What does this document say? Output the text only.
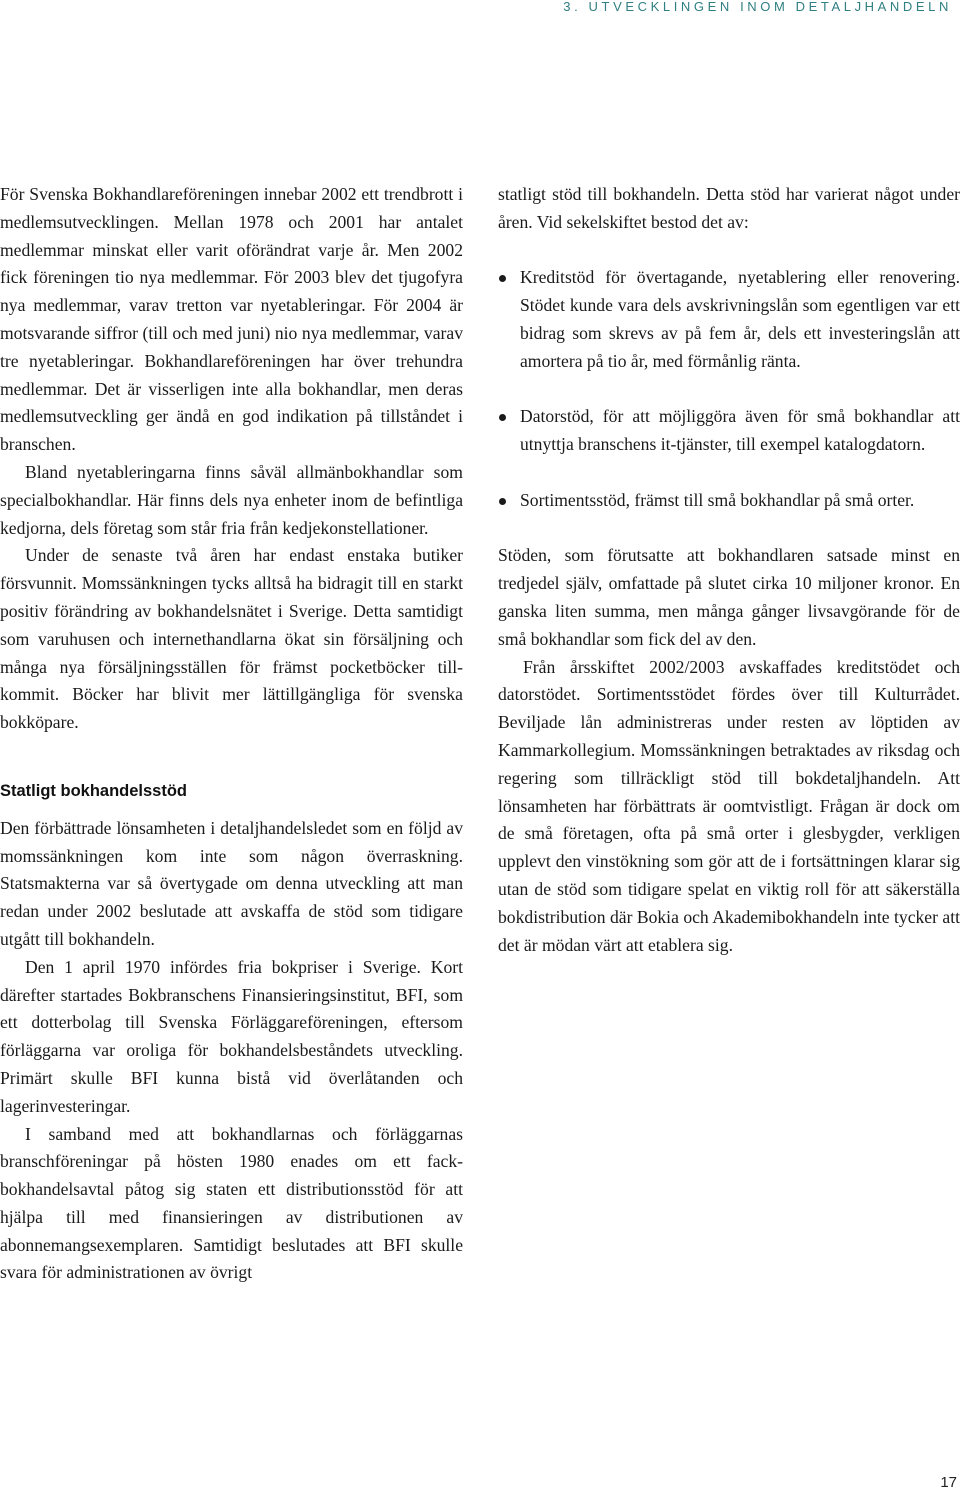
3. UTVECKLINGEN INOM DETALJHANDELN

För Svenska Bokhandlareföreningen innebar 2002 ett trendbrott i medlemsutvecklingen. Mellan 1978 och 2001 har antalet medlemmar minskat eller varit oförändrat varje år. Men 2002 fick föreningen tio nya medlemmar. För 2003 blev det tjugofyra nya medlemmar, varav tretton var nyetableringar. För 2004 är motsvarande siffror (till och med juni) nio nya medlemmar, varav tre nyetableringar. Bokhandlareföreningen har över trehundra medlemmar. Det är visserligen inte alla bokhandlar, men deras medlemsutveckling ger ändå en god indikation på tillståndet i branschen.

Bland nyetableringarna finns såväl allmänbokhandlar som specialbokhandlar. Här finns dels nya enheter inom de befintliga kedjorna, dels företag som står fria från kedjekonstellationer.

Under de senaste två åren har endast enstaka butiker försvunnit. Momssänkningen tycks alltså ha bidragit till en starkt positiv förändring av bokhandelsnätet i Sverige. Detta samtidigt som varuhusen och internethandlarna ökat sin försäljning och många nya försäljningsställen för främst pocketböcker tillkommit. Böcker har blivit mer lättillgängliga för svenska bokköpare.

Statligt bokhandelsstöd

Den förbättrade lönsamheten i detaljhandelsledet som en följd av momssänkningen kom inte som någon överraskning. Statsmakterna var så övertygade om denna utveckling att man redan under 2002 beslutade att avskaffa de stöd som tidigare utgått till bokhandeln.

Den 1 april 1970 infördes fria bokpriser i Sverige. Kort därefter startades Bokbranschens Finansieringsinstitut, BFI, som ett dotterbolag till Svenska Förläggareföreningen, eftersom förläggarna var oroliga för bokhandelsbeståndets utveckling. Primärt skulle BFI kunna bistå vid överlåtanden och lagerinvesteringar.

I samband med att bokhandlarnas och förläggarnas branschföreningar på hösten 1980 enades om ett fackbokhandelsavtal påtog sig staten ett distributionsstöd för att hjälpa till med finansieringen av distributionen av abonnemangsexemplaren. Samtidigt beslutades att BFI skulle svara för administrationen av övrigt

statligt stöd till bokhandeln. Detta stöd har varierat något under åren. Vid sekelskiftet bestod det av:

Kreditstöd för övertagande, nyetablering eller renovering. Stödet kunde vara dels avskrivningslån som egentligen var ett bidrag som skrevs av på fem år, dels ett investeringslån att amortera på tio år, med förmånlig ränta.
Datorstöd, för att möjliggöra även för små bokhandlar att utnyttja branschens it-tjänster, till exempel katalogdatorn.
Sortimentsstöd, främst till små bokhandlar på små orter.

Stöden, som förutsatte att bokhandlaren satsade minst en tredjedel själv, omfattade på slutet cirka 10 miljoner kronor. En ganska liten summa, men många gånger livsavgörande för de små bokhandlar som fick del av den.

Från årsskiftet 2002/2003 avskaffades kreditstödet och datorstödet. Sortimentsstödet fördes över till Kulturrådet. Beviljade lån administreras under resten av löptiden av Kammarkollegium. Momssänkningen betraktades av riksdag och regering som tillräckligt stöd till bokdetaljhandeln. Att lönsamheten har förbättrats är oomtvistligt. Frågan är dock om de små företagen, ofta på små orter i glesbygder, verkligen upplevt den vinstökning som gör att de i fortsättningen klarar sig utan de stöd som tidigare spelat en viktig roll för att säkerställa bokdistribution där Bokia och Akademibokhandeln inte tycker att det är mödan värt att etablera sig.

17
